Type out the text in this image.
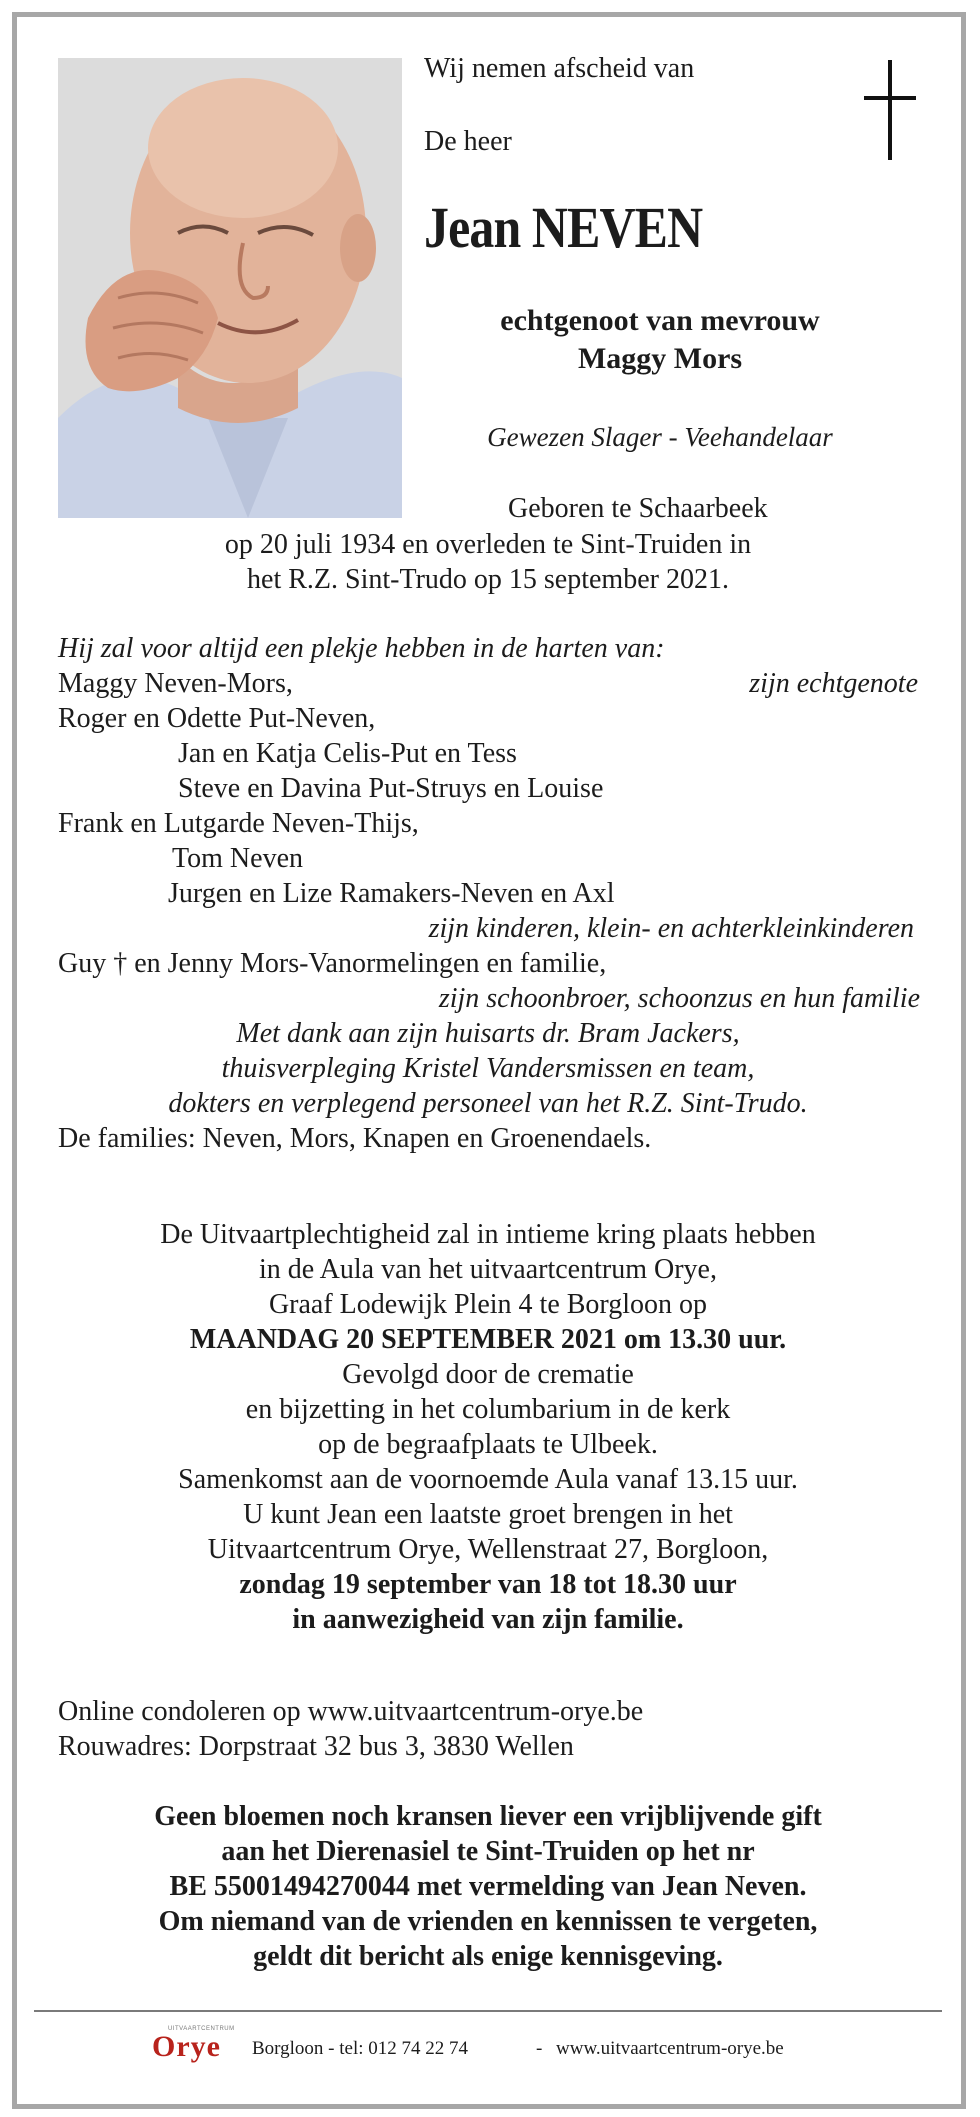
Wij nemen afscheid van
De heer
Jean NEVEN
echtgenoot van mevrouw
Maggy Mors
Gewezen Slager - Veehandelaar
Geboren te Schaarbeek
op 20 juli 1934 en overleden te Sint-Truiden in
het R.Z. Sint-Trudo op 15 september 2021.
Hij zal voor altijd een plekje hebben in de harten van:
Maggy Neven-Mors,	zijn echtgenote
Roger en Odette Put-Neven,
Jan en Katja Celis-Put en Tess
Steve en Davina Put-Struys en Louise
Frank en Lutgarde Neven-Thijs,
Tom Neven
Jurgen en Lize Ramakers-Neven en Axl
zijn kinderen, klein- en achterkleinkinderen
Guy † en Jenny Mors-Vanormelingen en familie,
zijn schoonbroer, schoonzus en hun familie
Met dank aan zijn huisarts dr. Bram Jackers,
thuisverpleging Kristel Vandersmissen en team,
dokters en verplegend personeel van het R.Z. Sint-Trudo.
De families: Neven, Mors, Knapen en Groenendaels.
De Uitvaartplechtigheid zal in intieme kring plaats hebben
in de Aula van het uitvaartcentrum Orye,
Graaf Lodewijk Plein 4 te Borgloon op
MAANDAG 20 SEPTEMBER 2021 om 13.30 uur.
Gevolgd door de crematie
en bijzetting in het columbarium in de kerk
op de begraafplaats te Ulbeek.
Samenkomst aan de voornoemde Aula vanaf 13.15 uur.
U kunt Jean een laatste groet brengen in het
Uitvaartcentrum Orye, Wellenstraat 27, Borgloon,
zondag 19 september van 18 tot 18.30 uur
in aanwezigheid van zijn familie.
Online condoleren op www.uitvaartcentrum-orye.be
Rouwadres: Dorpstraat 32 bus 3, 3830 Wellen
Geen bloemen noch kransen liever een vrijblijvende gift
aan het Dierenasiel te Sint-Truiden op het nr
BE 55001494270044 met vermelding van Jean Neven.
Om niemand van de vrienden en kennissen te vergeten,
geldt dit bericht als enige kennisgeving.
UITVAARTCENTRUM
Orye Borgloon - tel: 012 74 22 74	- www.uitvaartcentrum-orye.be
